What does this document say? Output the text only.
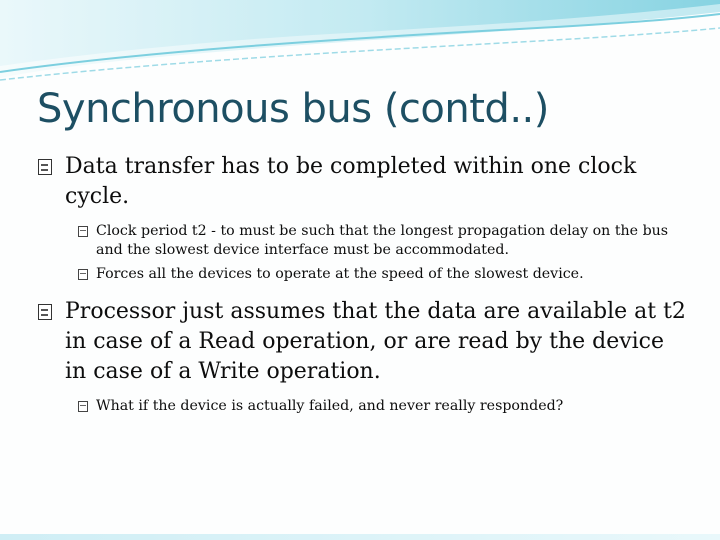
Synchronous bus (contd..)
Data transfer has to be completed within one clock cycle.
Clock period t2 - to must be such that the longest propagation delay on the bus and the slowest device interface must be accommodated.
Forces all the devices to operate at the speed of the slowest device.
Processor just assumes that the data are available at t2 in case of a Read operation, or are read by the device in case of a Write operation.
What if the device is actually failed, and never really responded?
